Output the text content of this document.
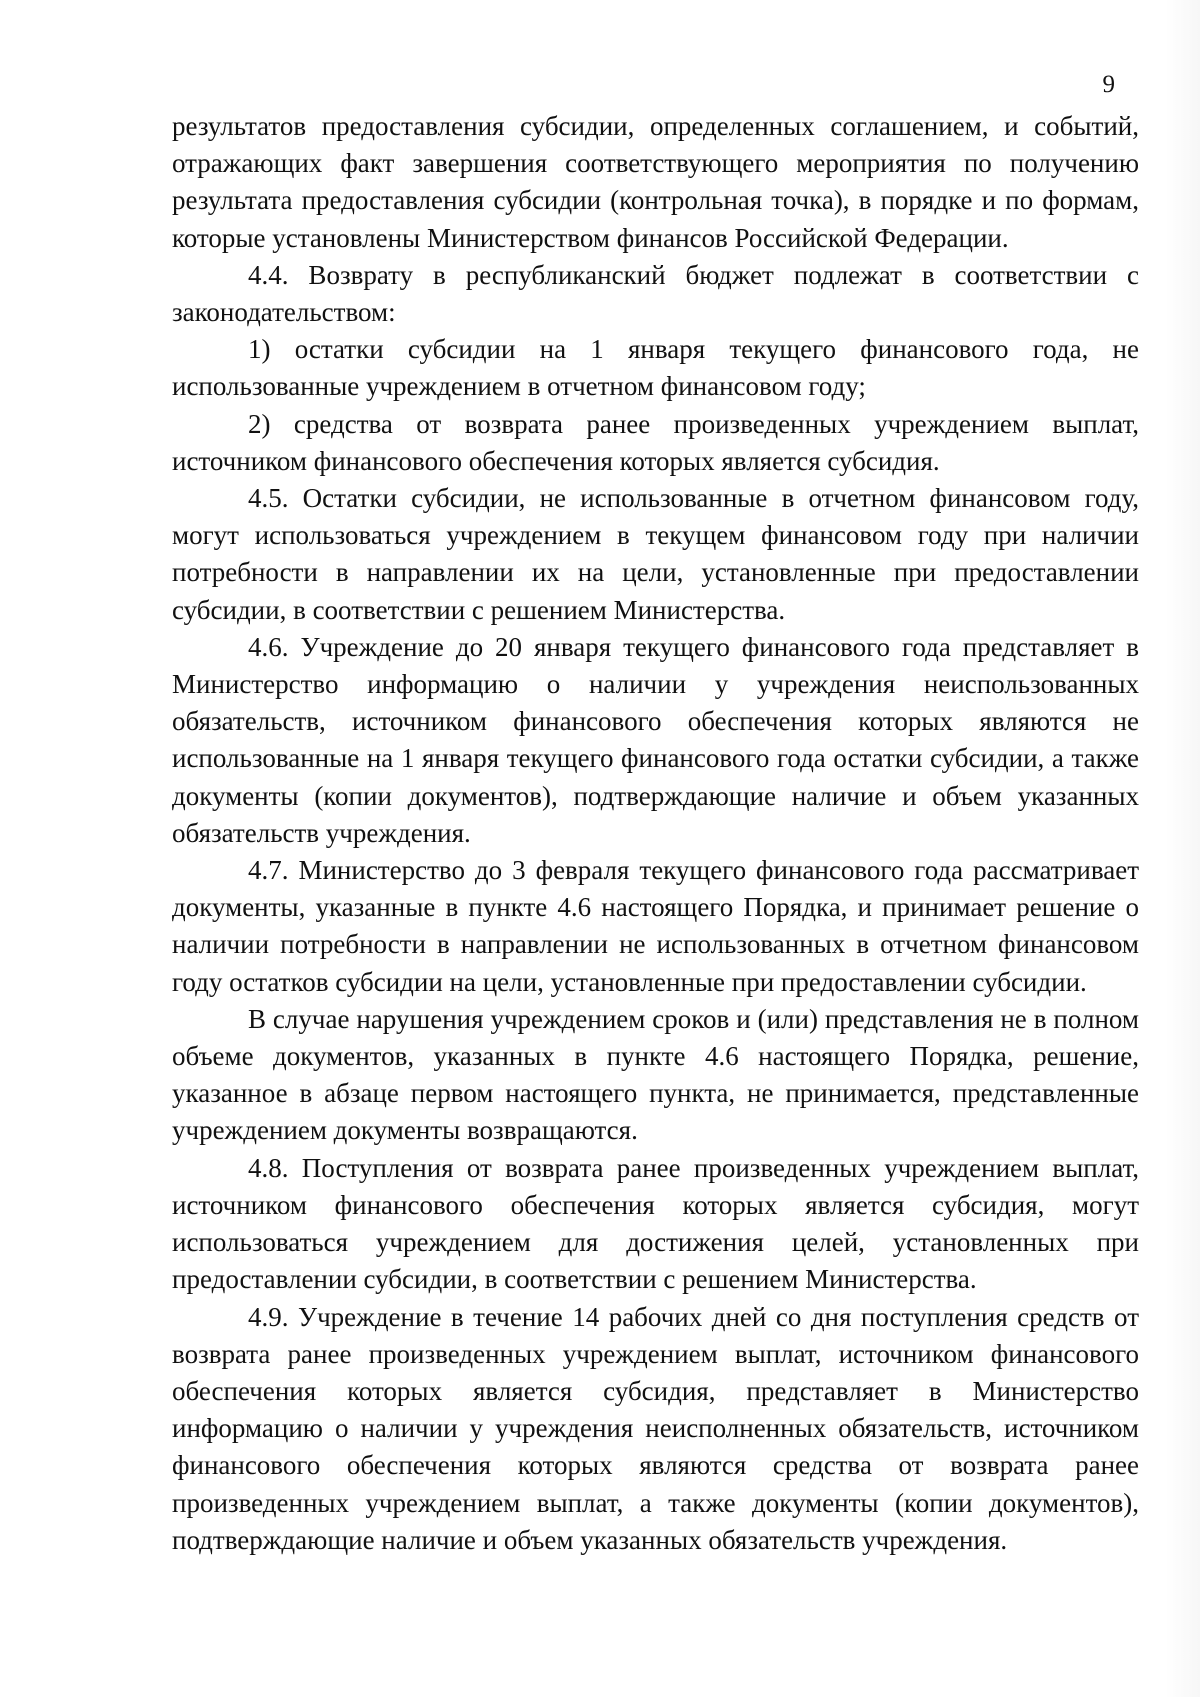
9

результатов предоставления субсидии, определенных соглашением, и событий, отражающих факт завершения соответствующего мероприятия по получению результата предоставления субсидии (контрольная точка), в порядке и по формам, которые установлены Министерством финансов Российской Федерации.

4.4. Возврату в республиканский бюджет подлежат в соответствии с законодательством:

1) остатки субсидии на 1 января текущего финансового года, не использованные учреждением в отчетном финансовом году;

2) средства от возврата ранее произведенных учреждением выплат, источником финансового обеспечения которых является субсидия.

4.5. Остатки субсидии, не использованные в отчетном финансовом году, могут использоваться учреждением в текущем финансовом году при наличии потребности в направлении их на цели, установленные при предоставлении субсидии, в соответствии с решением Министерства.

4.6. Учреждение до 20 января текущего финансового года представляет в Министерство информацию о наличии у учреждения неиспользованных обязательств, источником финансового обеспечения которых являются не использованные на 1 января текущего финансового года остатки субсидии, а также документы (копии документов), подтверждающие наличие и объем указанных обязательств учреждения.

4.7. Министерство до 3 февраля текущего финансового года рассматривает документы, указанные в пункте 4.6 настоящего Порядка, и принимает решение о наличии потребности в направлении не использованных в отчетном финансовом году остатков субсидии на цели, установленные при предоставлении субсидии.

В случае нарушения учреждением сроков и (или) представления не в полном объеме документов, указанных в пункте 4.6 настоящего Порядка, решение, указанное в абзаце первом настоящего пункта, не принимается, представленные учреждением документы возвращаются.

4.8. Поступления от возврата ранее произведенных учреждением выплат, источником финансового обеспечения которых является субсидия, могут использоваться учреждением для достижения целей, установленных при предоставлении субсидии, в соответствии с решением Министерства.

4.9. Учреждение в течение 14 рабочих дней со дня поступления средств от возврата ранее произведенных учреждением выплат, источником финансового обеспечения которых является субсидия, представляет в Министерство информацию о наличии у учреждения неисполненных обязательств, источником финансового обеспечения которых являются средства от возврата ранее произведенных учреждением выплат, а также документы (копии документов), подтверждающие наличие и объем указанных обязательств учреждения.
